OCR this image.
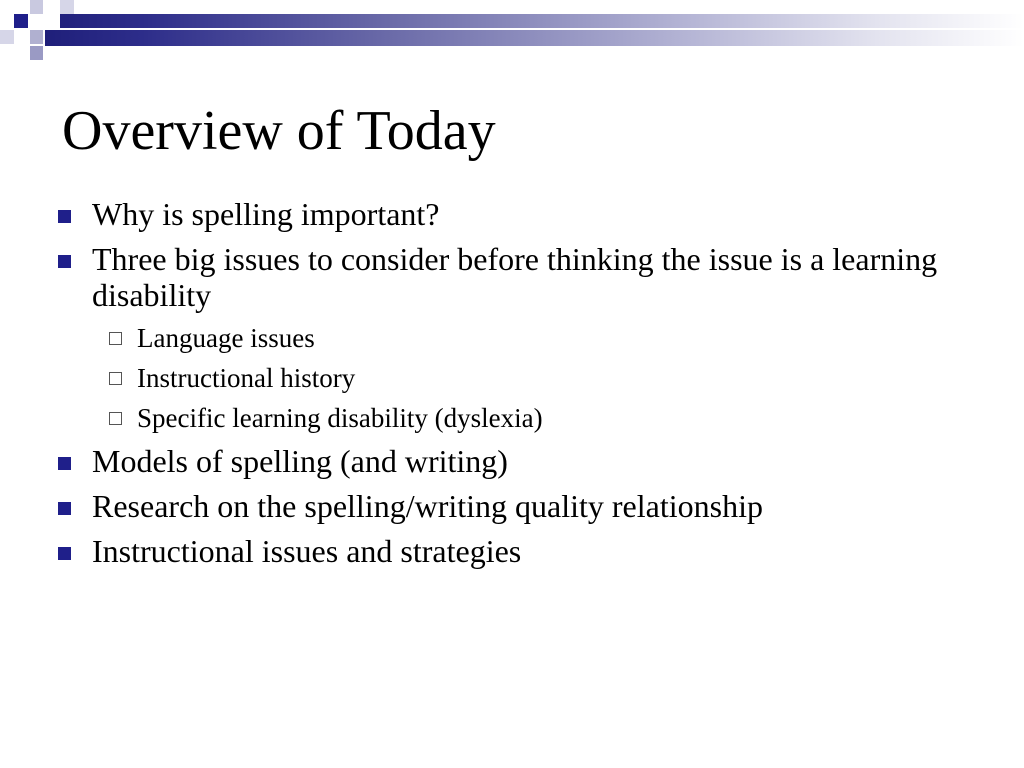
Overview of Today
Why is spelling important?
Three big issues to consider before thinking the issue is a learning disability
Language issues
Instructional history
Specific learning disability (dyslexia)
Models of spelling (and writing)
Research on the spelling/writing quality relationship
Instructional issues and strategies
